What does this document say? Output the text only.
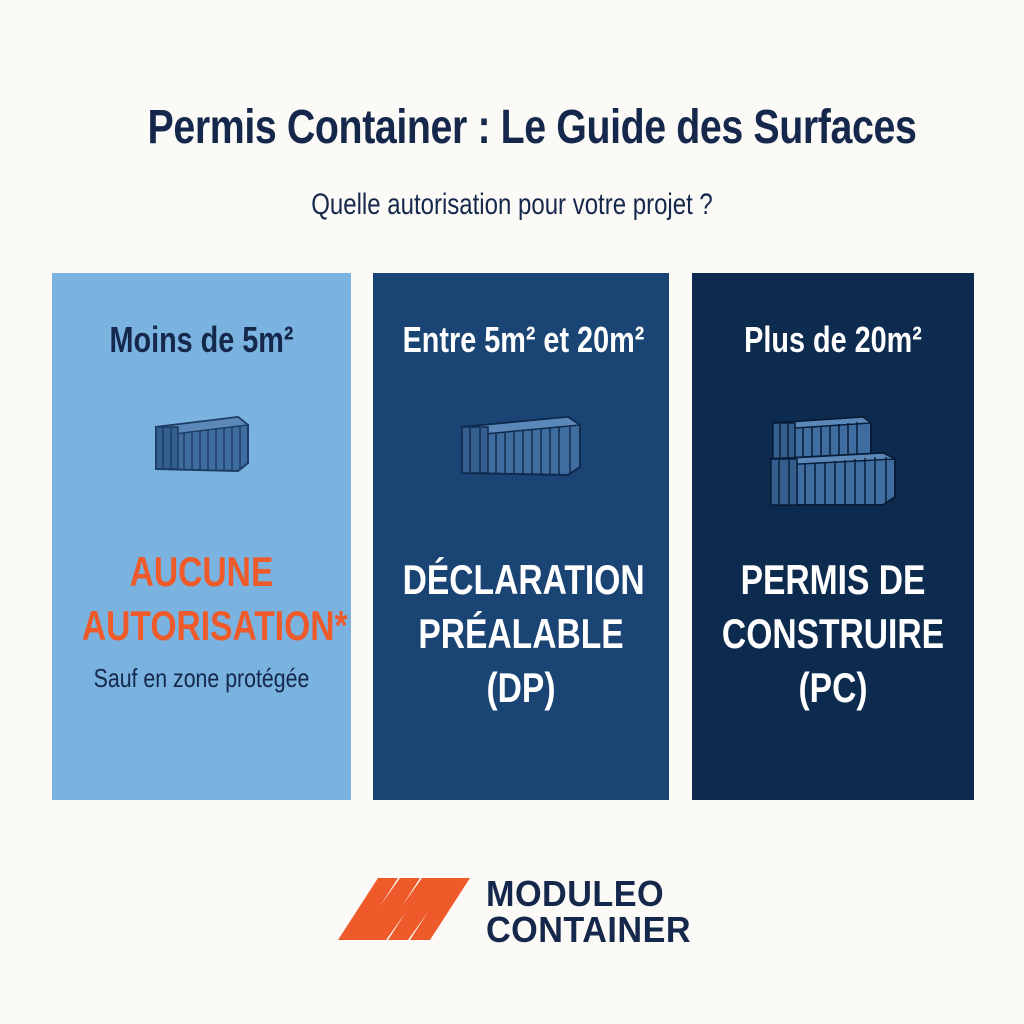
Permis Container : Le Guide des Surfaces
Quelle autorisation pour votre projet ?
Moins de 5m²
AUCUNE
AUTORISATION*
Sauf en zone protégée
Entre 5m² et 20m²
DÉCLARATION
PRÉALABLE
(DP)
Plus de 20m²
PERMIS DE
CONSTRUIRE
(PC)
MODULEO
CONTAINER
